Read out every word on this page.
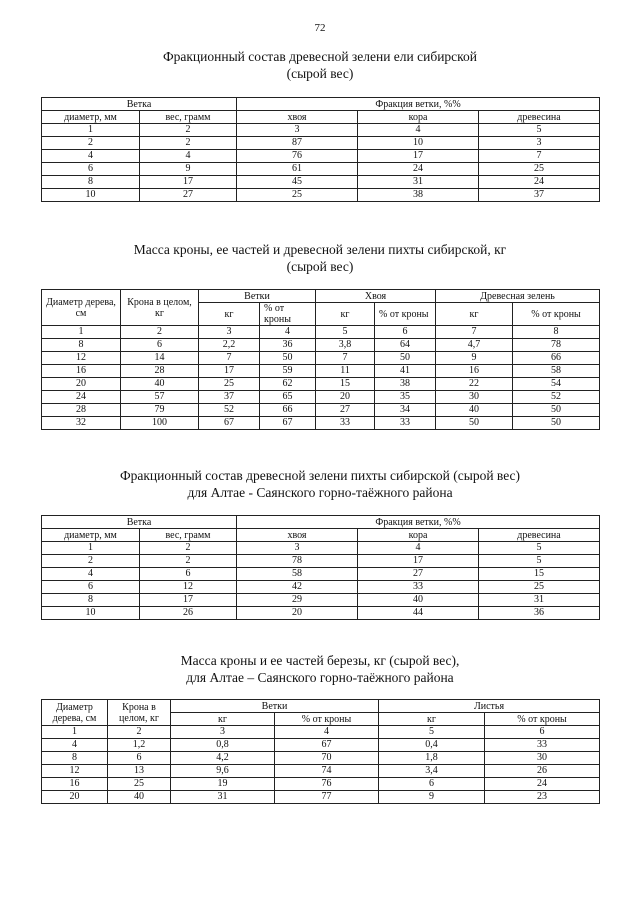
72
Фракционный состав древесной зелени ели сибирской
(сырой вес)
Ветка		Фракция ветки, %%		
диаметр, мм	вес, грамм	хвоя	кора	древесина
1	2	3	4	5
2	2	87	10	3
4	4	76	17	7
6	9	61	24	25
8	17	45	31	24
10	27	25	38	37
Масса кроны, ее частей и древесной зелени пихты сибирской, кг
(сырой вес)
Диаметр дерева, см	Крона в целом, кг	Ветки		Хвоя		Древесная зелень	
		кг	% от кроны	кг	% от кроны	кг	% от кроны
1	2	3	4	5	6	7	8
8	6	2,2	36	3,8	64	4,7	78
12	14	7	50	7	50	9	66
16	28	17	59	11	41	16	58
20	40	25	62	15	38	22	54
24	57	37	65	20	35	30	52
28	79	52	66	27	34	40	50
32	100	67	67	33	33	50	50
Фракционный состав древесной зелени пихты сибирской (сырой вес)
для Алтае - Саянского горно-таёжного района
Ветка		Фракция ветки, %%		
диаметр, мм	вес, грамм	хвоя	кора	древесина
1	2	3	4	5
2	2	78	17	5
4	6	58	27	15
6	12	42	33	25
8	17	29	40	31
10	26	20	44	36
Масса кроны и ее частей березы, кг (сырой вес),
для Алтае – Саянского горно-таёжного района
Диаметр дерева, см	Крона в целом, кг	Ветки		Листья	
		кг	% от кроны	кг	% от кроны
1	2	3	4	5	6
4	1,2	0,8	67	0,4	33
8	6	4,2	70	1,8	30
12	13	9,6	74	3,4	26
16	25	19	76	6	24
20	40	31	77	9	23
